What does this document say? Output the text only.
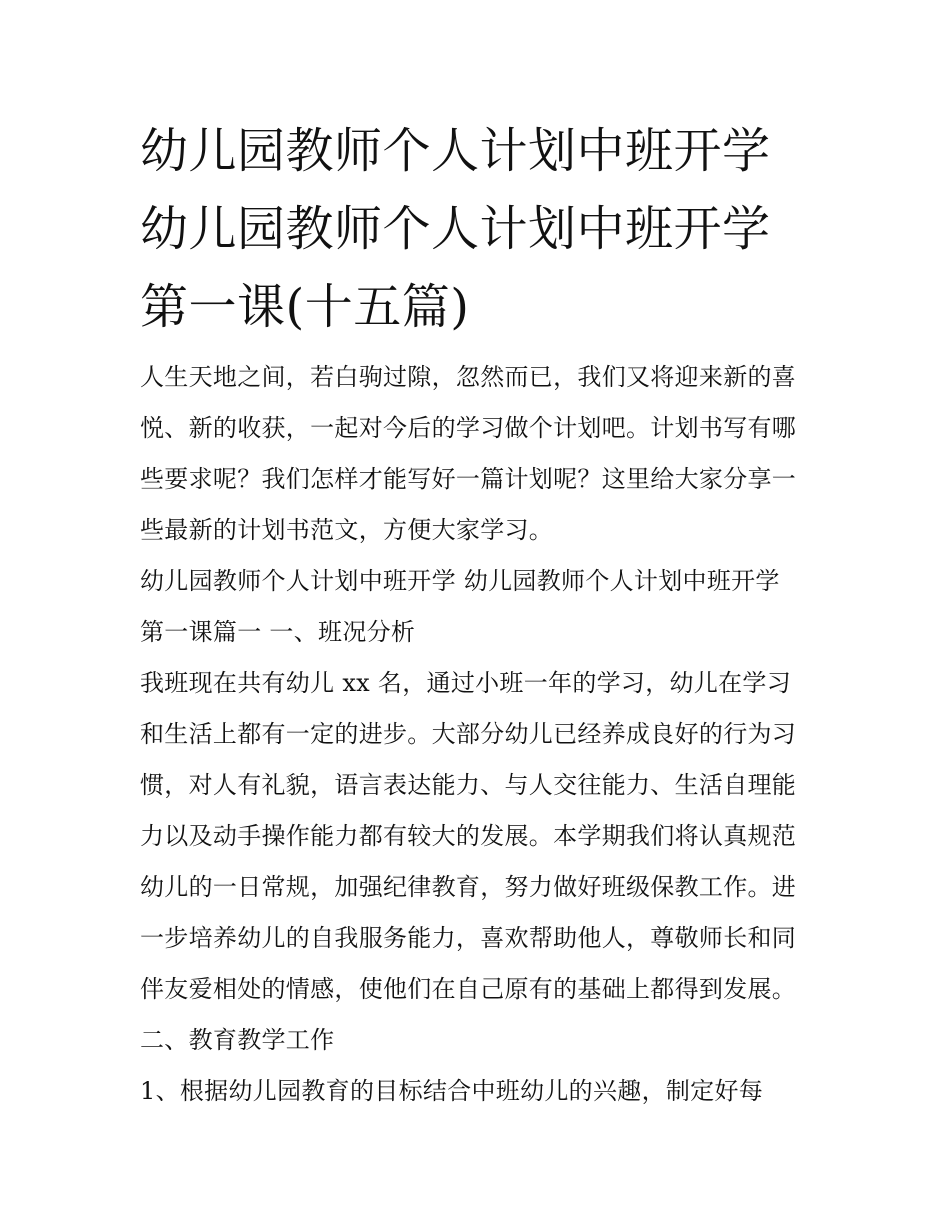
幼儿园教师个人计划中班开学
幼儿园教师个人计划中班开学
第一课(十五篇)
人生天地之间，若白驹过隙，忽然而已，我们又将迎来新的喜
悦、新的收获，一起对今后的学习做个计划吧。计划书写有哪
些要求呢？我们怎样才能写好一篇计划呢？这里给大家分享一
些最新的计划书范文，方便大家学习。
幼儿园教师个人计划中班开学 幼儿园教师个人计划中班开学
第一课篇一 一、班况分析
我班现在共有幼儿 xx 名，通过小班一年的学习，幼儿在学习
和生活上都有一定的进步。大部分幼儿已经养成良好的行为习
惯，对人有礼貌，语言表达能力、与人交往能力、生活自理能
力以及动手操作能力都有较大的发展。本学期我们将认真规范
幼儿的一日常规，加强纪律教育，努力做好班级保教工作。进
一步培养幼儿的自我服务能力，喜欢帮助他人，尊敬师长和同
伴友爱相处的情感，使他们在自己原有的基础上都得到发展。
二、教育教学工作
1、根据幼儿园教育的目标结合中班幼儿的兴趣，制定好每
